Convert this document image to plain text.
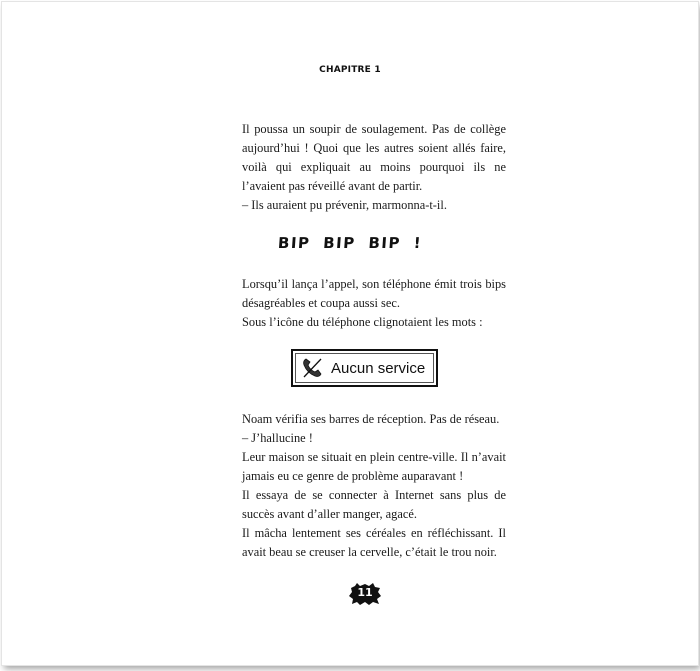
CHAPITRE 1

Il poussa un soupir de soulagement. Pas de collège aujourd’hui ! Quoi que les autres soient allés faire, voilà qui expliquait au moins pourquoi ils ne l’avaient pas réveillé avant de partir.

– Ils auraient pu prévenir, marmonna-t-il.

BIP BIP BIP !

Lorsqu’il lança l’appel, son téléphone émit trois bips désagréables et coupa aussi sec.

Sous l’icône du téléphone clignotaient les mots :

Aucun service

Noam vérifia ses barres de réception. Pas de réseau.

– J’hallucine !

Leur maison se situait en plein centre-ville. Il n’avait jamais eu ce genre de problème auparavant !

Il essaya de se connecter à Internet sans plus de succès avant d’aller manger, agacé.

Il mâcha lentement ses céréales en réfléchissant. Il avait beau se creuser la cervelle, c’était le trou noir.

11
